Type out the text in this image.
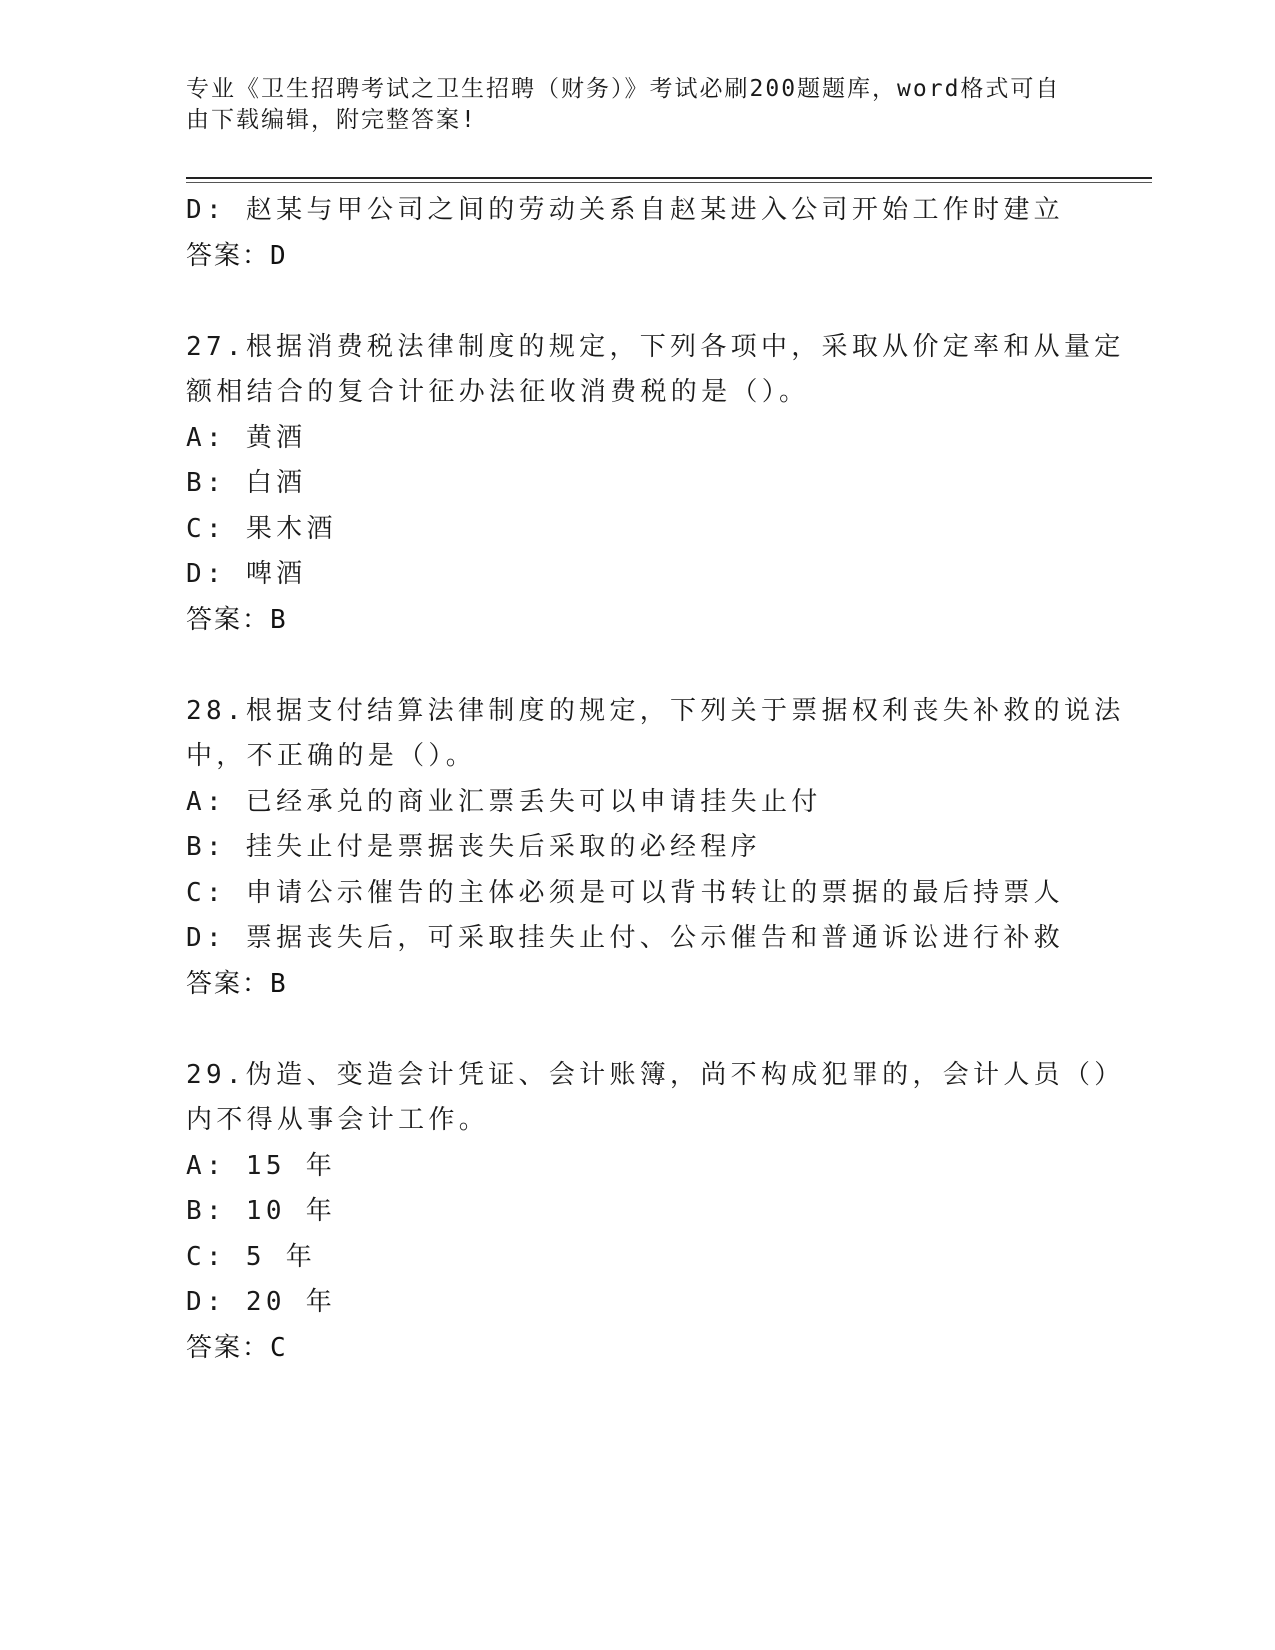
专业《卫生招聘考试之卫生招聘（财务）》考试必刷200题题库，word格式可自
由下载编辑，附完整答案!
D: 赵某与甲公司之间的劳动关系自赵某进入公司开始工作时建立
答案：D
27.根据消费税法律制度的规定，下列各项中，采取从价定率和从量定
额相结合的复合计征办法征收消费税的是（）。
A: 黄酒
B: 白酒
C: 果木酒
D: 啤酒
答案：B
28.根据支付结算法律制度的规定，下列关于票据权利丧失补救的说法
中，不正确的是（）。
A: 已经承兑的商业汇票丢失可以申请挂失止付
B: 挂失止付是票据丧失后采取的必经程序
C: 申请公示催告的主体必须是可以背书转让的票据的最后持票人
D: 票据丧失后，可采取挂失止付、公示催告和普通诉讼进行补救
答案：B
29.伪造、变造会计凭证、会计账簿，尚不构成犯罪的，会计人员（）
内不得从事会计工作。
A: 15 年
B: 10 年
C: 5 年
D: 20 年
答案：C
